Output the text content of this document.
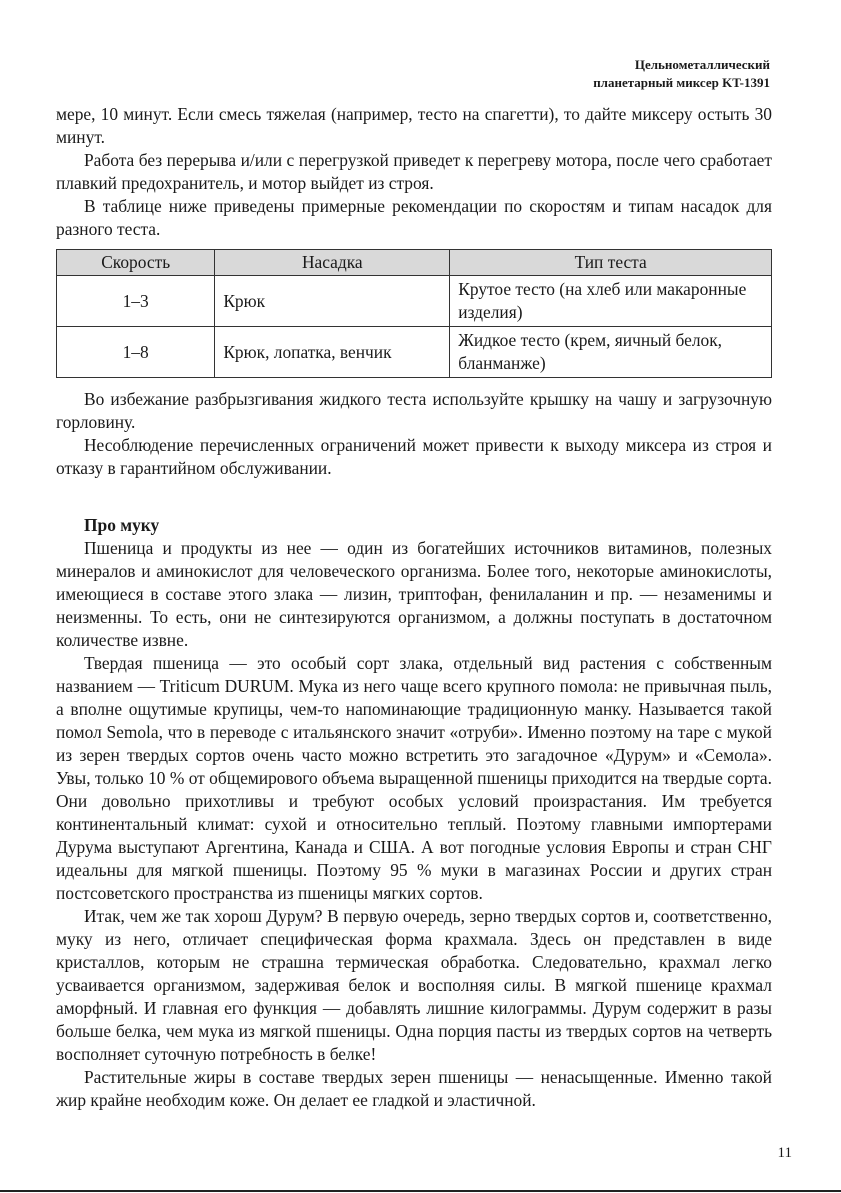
Цельнометаллический
планетарный миксер KT-1391

мере, 10 минут. Если смесь тяжелая (например, тесто на спагетти), то дайте миксеру остыть 30 минут.

Работа без перерыва и/или с перегрузкой приведет к перегреву мотора, после чего сработает плавкий предохранитель, и мотор выйдет из строя.

В таблице ниже приведены примерные рекомендации по скоростям и типам насадок для разного теста.

Скорость	Насадка	Тип теста
1–3	Крюк	Крутое тесто (на хлеб или макаронные изделия)
1–8	Крюк, лопатка, венчик	Жидкое тесто (крем, яичный белок, бланманже)

Во избежание разбрызгивания жидкого теста используйте крышку на чашу и загрузочную горловину.

Несоблюдение перечисленных ограничений может привести к выходу миксера из строя и отказу в гарантийном обслуживании.

Про муку

Пшеница и продукты из нее — один из богатейших источников витаминов, полезных минералов и аминокислот для человеческого организма. Более того, некоторые аминокислоты, имеющиеся в составе этого злака — лизин, триптофан, фенилаланин и пр. — незаменимы и неизменны. То есть, они не синтезируются организмом, а должны поступать в достаточном количестве извне.

Твердая пшеница — это особый сорт злака, отдельный вид растения с собственным названием — Triticum DURUM. Мука из него чаще всего крупного помола: не привычная пыль, а вполне ощутимые крупицы, чем-то напоминающие традиционную манку. Называется такой помол Semola, что в переводе с итальянского значит «отруби». Именно поэтому на таре с мукой из зерен твердых сортов очень часто можно встретить это загадочное «Дурум» и «Семола». Увы, только 10 % от общемирового объема выращенной пшеницы приходится на твердые сорта. Они довольно прихотливы и требуют особых условий произрастания. Им требуется континентальный климат: сухой и относительно теплый. Поэтому главными импортерами Дурума выступают Аргентина, Канада и США. А вот погодные условия Европы и стран СНГ идеальны для мягкой пшеницы. Поэтому 95 % муки в магазинах России и других стран постсоветского пространства из пшеницы мягких сортов.

Итак, чем же так хорош Дурум? В первую очередь, зерно твердых сортов и, соответственно, муку из него, отличает специфическая форма крахмала. Здесь он представлен в виде кристаллов, которым не страшна термическая обработка. Следовательно, крахмал легко усваивается организмом, задерживая белок и восполняя силы. В мягкой пшенице крахмал аморфный. И главная его функция — добавлять лишние килограммы. Дурум содержит в разы больше белка, чем мука из мягкой пшеницы. Одна порция пасты из твердых сортов на четверть восполняет суточную потребность в белке!

Растительные жиры в составе твердых зерен пшеницы — ненасыщенные. Именно такой жир крайне необходим коже. Он делает ее гладкой и эластичной.

11
